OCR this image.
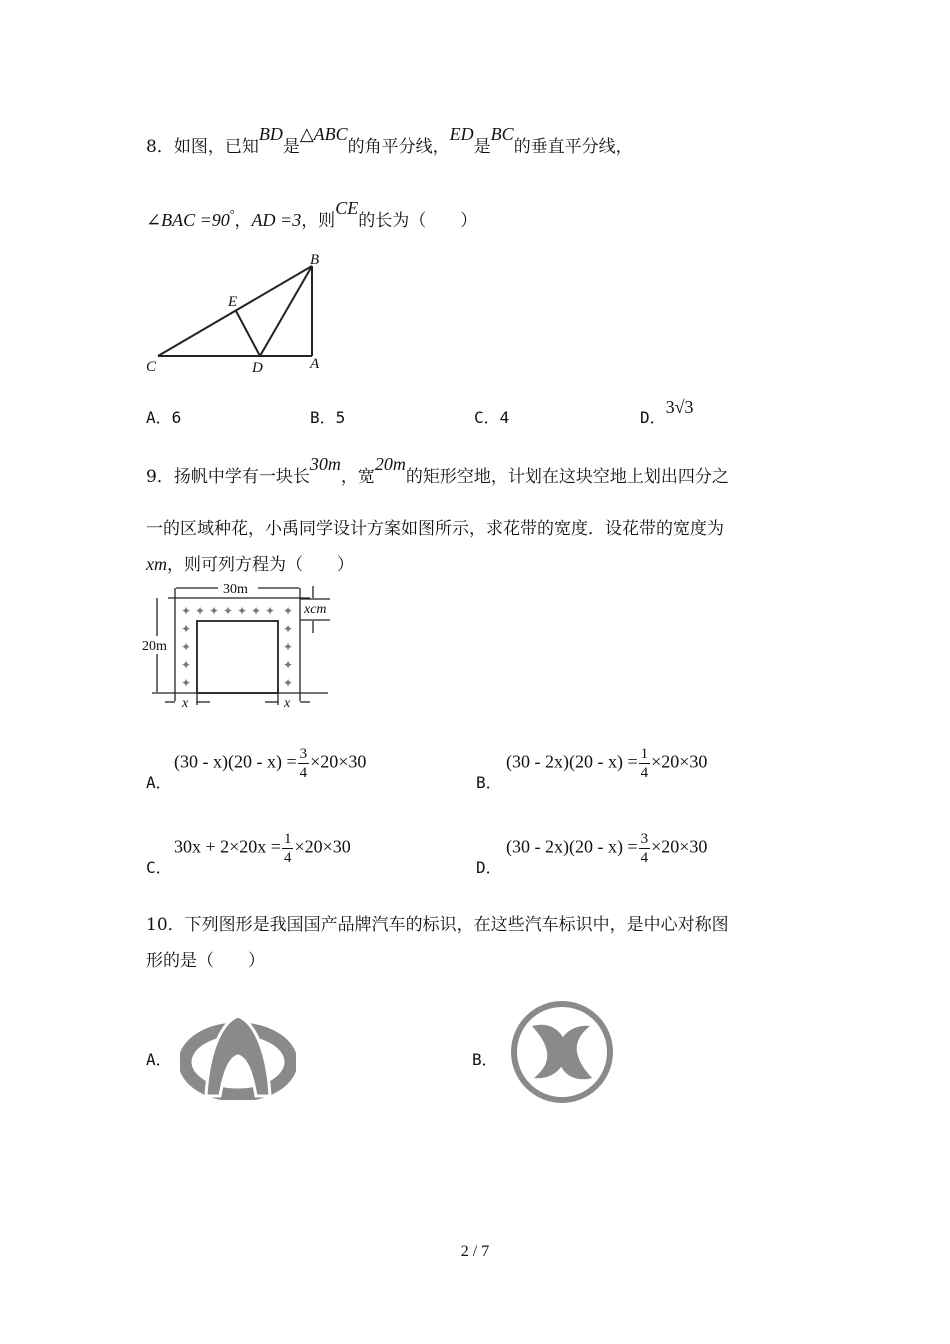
8．如图，已知BD是△ABC的角平分线，ED是BC的垂直平分线，
∠BAC =90°，AD =3，则CE的长为（　　）
B
E
C	D	A
A．6	B．5	C．4	D．3√3
9．扬帆中学有一块长30m，宽20m的矩形空地，计划在这块空地上划出四分之
一的区域种花，小禹同学设计方案如图所示，求花带的宽度．设花带的宽度为
xm，则可列方程为（　　）
✦ ✦ ✦ ✦ ✦ ✦ ✦ ✦
✦
✦
✦
✦
✦
✦
✦
✦
30m
20m
xcm
x	x
A．
$(30 - x)(20 - x) = \frac{3}{4} \times 20\times 30$
B．
$(30 - 2x)(20 - x) = \frac{1}{4} \times 20\times 30$
C．
$30x + 2\times 20x = \frac{1}{4} \times 20\times 30$
D．
$(30 - 2x)(20 - x) = \frac{3}{4} \times 20\times 30$
10．下列图形是我国国产品牌汽车的标识，在这些汽车标识中，是中心对称图
形的是（　　）
A．	B．
2 / 7
